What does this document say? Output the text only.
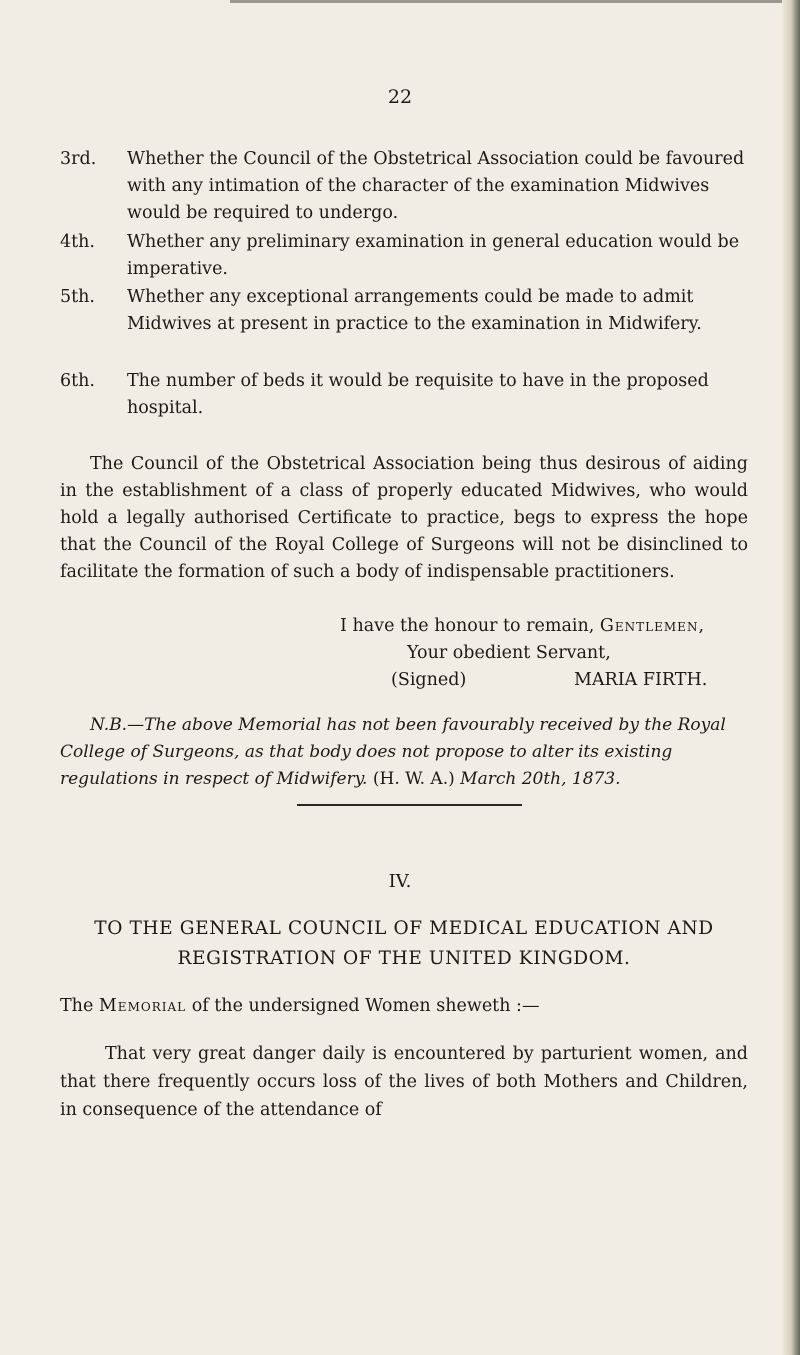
22
3rd. Whether the Council of the Obstetrical Association could be favoured with any intimation of the character of the examination Midwives would be required to undergo.
4th. Whether any preliminary examination in general education would be imperative.
5th. Whether any exceptional arrangements could be made to admit Midwives at present in practice to the examination in Midwifery.
6th. The number of beds it would be requisite to have in the proposed hospital.
The Council of the Obstetrical Association being thus desirous of aiding in the establishment of a class of properly educated Midwives, who would hold a legally authorised Certificate to practice, begs to express the hope that the Council of the Royal College of Surgeons will not be disinclined to facilitate the formation of such a body of indispensable practitioners.
I have the honour to remain, Gentlemen,
Your obedient Servant,
(Signed)	MARIA FIRTH.
N.B.—The above Memorial has not been favourably received by the Royal College of Surgeons, as that body does not propose to alter its existing regulations in respect of Midwifery. (H. W. A.) March 20th, 1873.
IV.
TO THE GENERAL COUNCIL OF MEDICAL EDUCATION AND
REGISTRATION OF THE UNITED KINGDOM.
The Memorial of the undersigned Women sheweth :—
That very great danger daily is encountered by parturient women, and that there frequently occurs loss of the lives of both Mothers and Children, in consequence of the attendance of
